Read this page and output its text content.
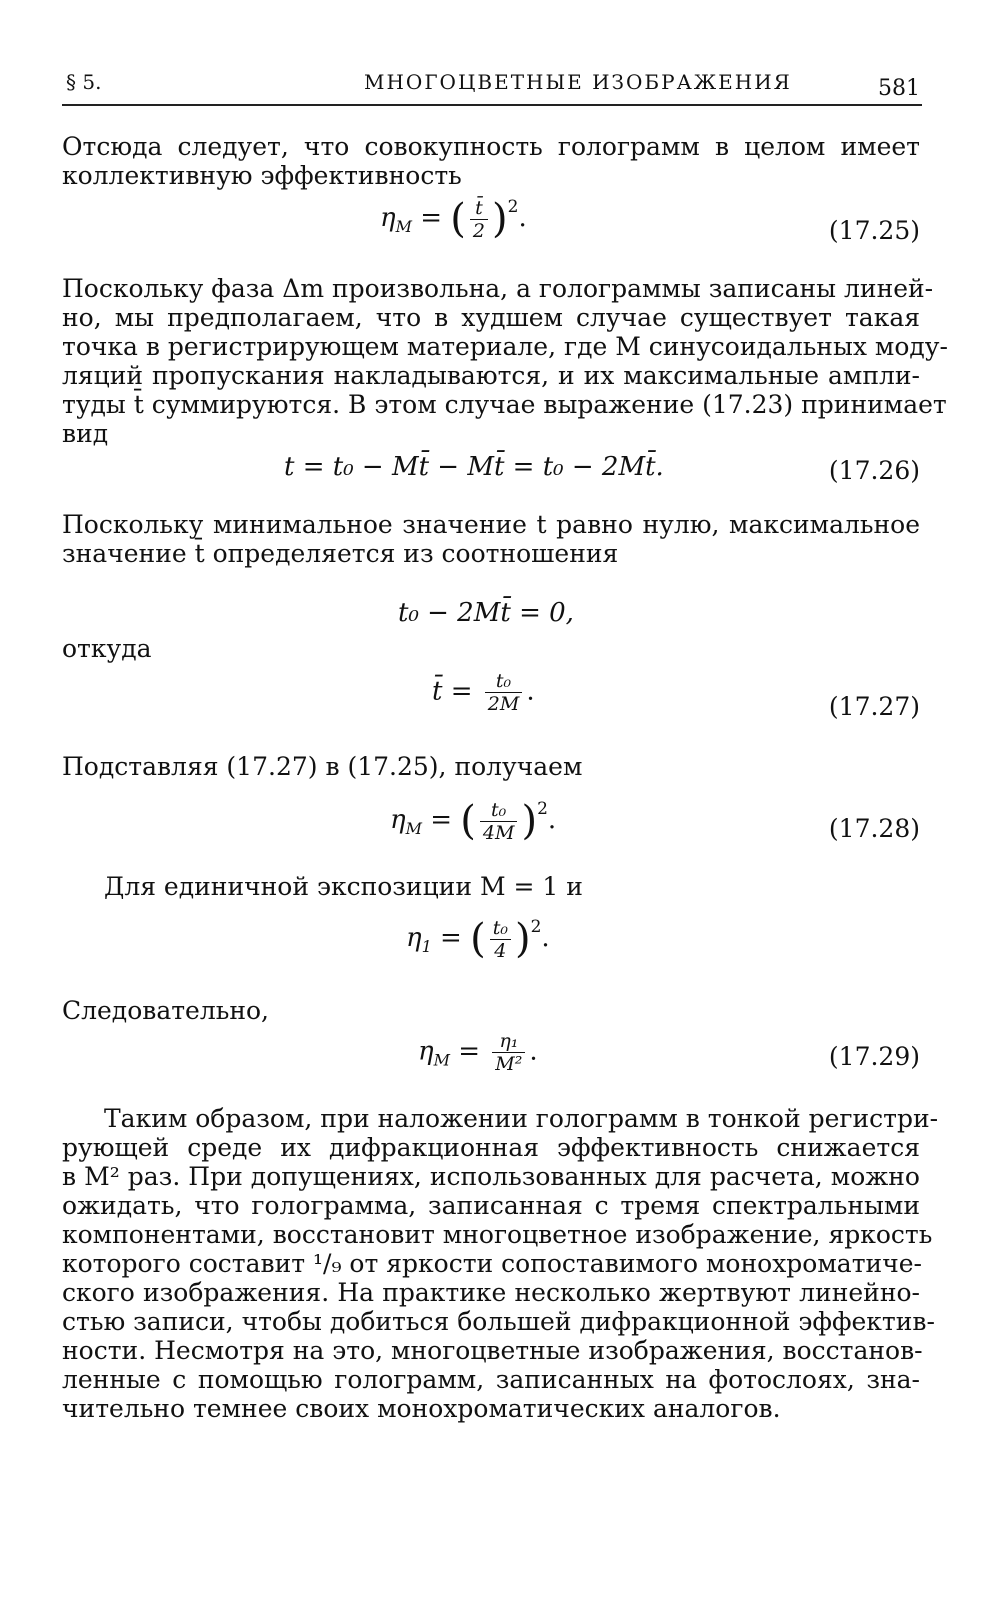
§ 5.	МНОГОЦВЕТНЫЕ ИЗОБРАЖЕНИЯ	581
Отсюда следует, что совокупность голограмм в целом имеет
коллективную эффективность
$\eta_M$ = ( $\frac{t̄}{2} )^2$.	(17.25)
Поскольку фаза Δm произвольна, а голограммы записаны линей-
но, мы предполагаем, что в худшем случае существует такая
точка в регистрирующем материале, где M синусоидальных моду-
ляций пропускания накладываются, и их максимальные ампли-
туды t̄ суммируются. В этом случае выражение (17.23) принимает
вид
t = t₀ − Mt̄ − Mt̄ = t₀ − 2Mt̄.	(17.26)
Поскольку минимальное значение t равно нулю, максимальное
значение t̄ определяется из соотношения
t₀ − 2Mt̄ = 0,
откуда
t̄ = $\frac{\text{t₀}}{2M}$ .	(17.27)
Подставляя (17.27) в (17.25), получаем
$\eta_M$ = ( $\frac{\text{t₀}}{4M} )^2$.	(17.28)
Для единичной экспозиции M = 1 и
$\eta_1$ = ( $\frac{\text{t₀}}{4} )^2$.
Следовательно,
$\eta_M = \frac{\text{η₁}}{\text{M²}}$ .	(17.29)
Таким образом, при наложении голограмм в тонкой регистри-
рующей среде их дифракционная эффективность снижается
в M² раз. При допущениях, использованных для расчета, можно
ожидать, что голограмма, записанная с тремя спектральными
компонентами, восстановит многоцветное изображение, яркость
которого составит ¹/₉ от яркости сопоставимого монохроматиче-
ского изображения. На практике несколько жертвуют линейно-
стью записи, чтобы добиться большей дифракционной эффектив-
ности. Несмотря на это, многоцветные изображения, восстанов-
ленные с помощью голограмм, записанных на фотослоях, зна-
чительно темнее своих монохроматических аналогов.
